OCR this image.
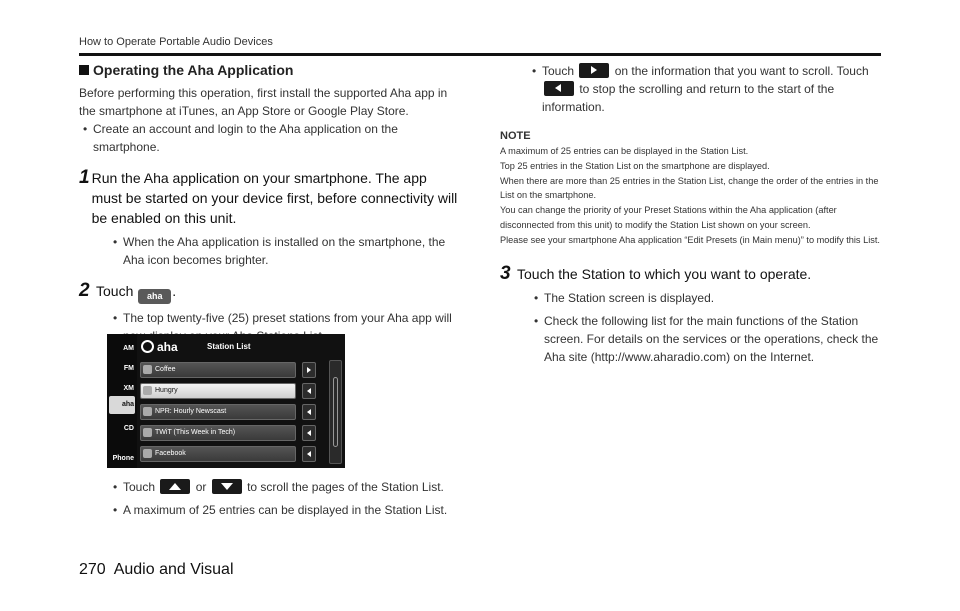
How to Operate Portable Audio Devices
Operating the Aha Application

Before performing this operation, first install the supported Aha app in the smartphone at iTunes, an App Store or Google Play Store.

• Create an account and login to the Aha application on the smartphone.
1 Run the Aha application on your smartphone. The app must be started on your device first, before connectivity will be enabled on this unit.
• When the Aha application is installed on the smartphone, the Aha icon becomes brighter.
2 Touch aha .
• The top twenty-five (25) preset stations from your Aha app will
AM
FM
XM
aha
CD
Phone
aha	Station List
Coffee
Hungry
NPR: Hourly Newscast
TWiT (This Week in Tech)
Facebook
• Touch	or	to scroll the pages of the Station List.
• A maximum of 25 entries can be displayed in the Station List.
• Touch	on the information that you want to scroll. Touch  to stop the scrolling and return to the start of the information.
NOTE
A maximum of 25 entries can be displayed in the Station List.
Top 25 entries in the Station List on the smartphone are displayed.
When there are more than 25 entries in the Station List, change the order of the entries in the List on the smartphone.
You can change the priority of your Preset Stations within the Aha application (after disconnected from this unit) to modify the Station List shown on your screen.
Please see your smartphone Aha application “Edit Presets (in Main menu)” to modify this List.
3 Touch the Station to which you want to operate.
• The Station screen is displayed.
• Check the following list for the main functions of the Station screen. For details on the services or the operations, check the Aha site (http://www.aharadio.com) on the Internet.
270 Audio and Visual
